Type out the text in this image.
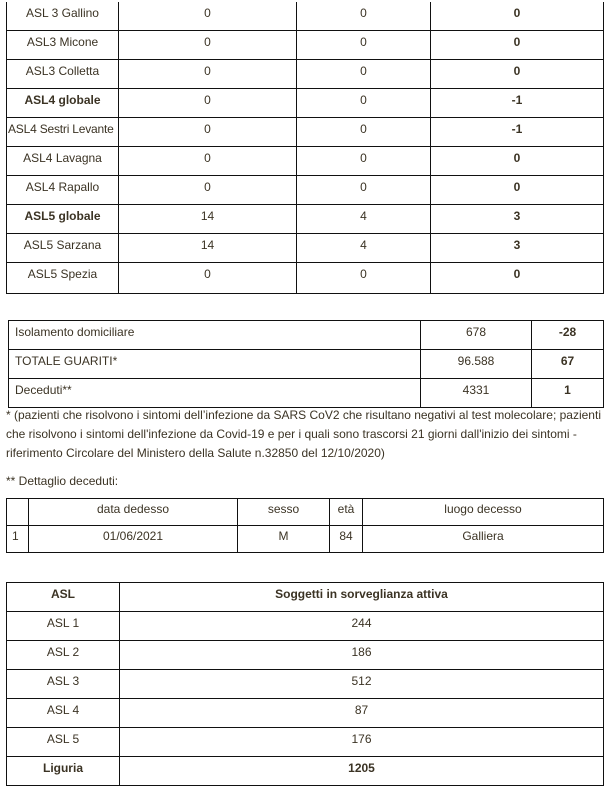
ASL 3 Gallino	0	0	0
ASL3 Micone	0	0	0
ASL3 Colletta	0	0	0
ASL4 globale	0	0	-1
ASL4 Sestri Levante	0	0	-1
ASL4 Lavagna	0	0	0
ASL4 Rapallo	0	0	0
ASL5 globale	14	4	3
ASL5 Sarzana	14	4	3
ASL5 Spezia	0	0	0
Isolamento domiciliare	678	-28
TOTALE GUARITI*	96.588	67
Deceduti**	4331	1
* (pazienti che risolvono i sintomi dell’infezione da SARS CoV2 che risultano negativi al test molecolare; pazienti che risolvono i sintomi dell'infezione da Covid-19 e per i quali sono trascorsi 21 giorni dall'inizio dei sintomi - riferimento Circolare del Ministero della Salute n.32850 del 12/10/2020)
** Dettaglio deceduti:
	data dedesso	sesso	età	luogo decesso
1	01/06/2021	M	84	Galliera
ASL	Soggetti in sorveglianza attiva
ASL 1	244
ASL 2	186
ASL 3	512
ASL 4	87
ASL 5	176
Liguria	1205
